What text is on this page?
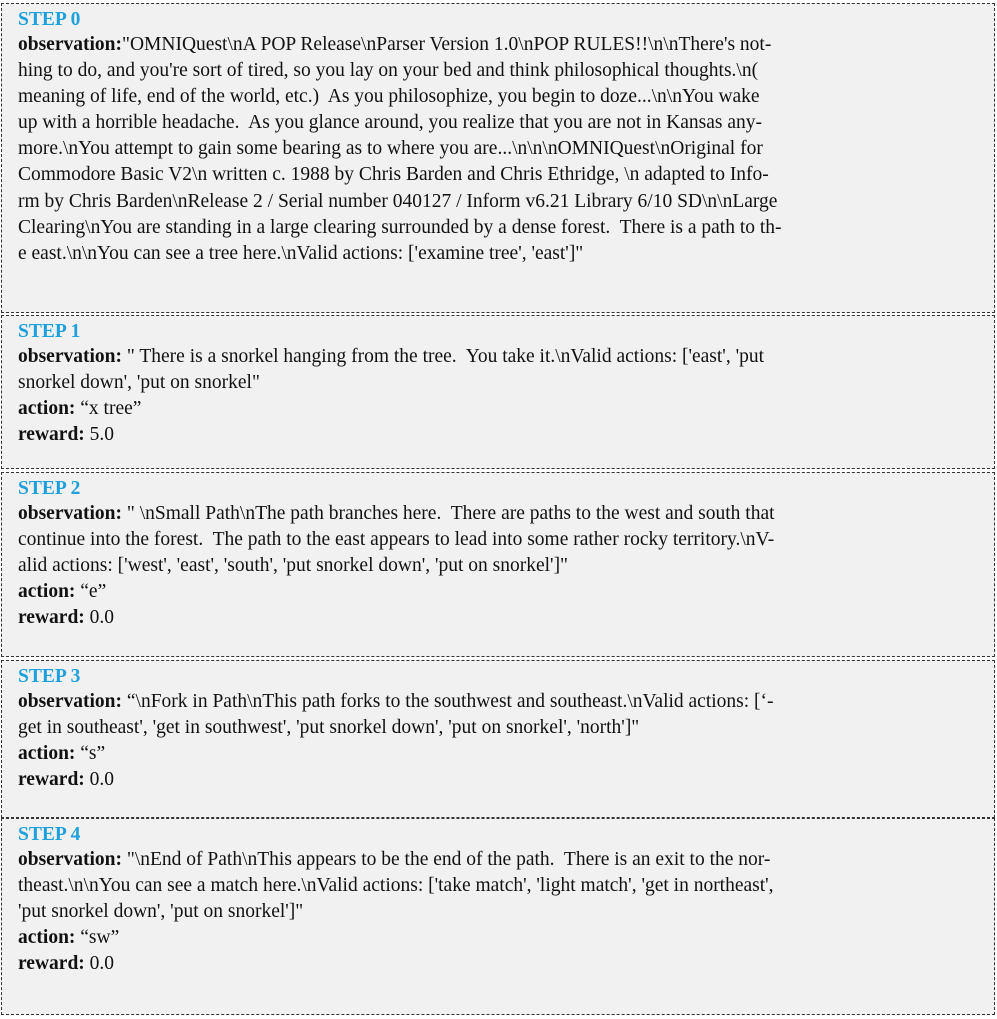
STEP 0
observation:"OMNIQuest\nA POP Release\nParser Version 1.0\nPOP RULES!!\n\nThere's not-
hing to do, and you're sort of tired, so you lay on your bed and think philosophical thoughts.\n(
meaning of life, end of the world, etc.)  As you philosophize, you begin to doze...\n\nYou wake
up with a horrible headache.  As you glance around, you realize that you are not in Kansas any-
more.\nYou attempt to gain some bearing as to where you are...\n\n\nOMNIQuest\nOriginal for
Commodore Basic V2\n written c. 1988 by Chris Barden and Chris Ethridge, \n adapted to Info-
rm by Chris Barden\nRelease 2 / Serial number 040127 / Inform v6.21 Library 6/10 SD\n\nLarge
Clearing\nYou are standing in a large clearing surrounded by a dense forest.  There is a path to th-
e east.\n\nYou can see a tree here.\nValid actions: ['examine tree', 'east']"
STEP 1
observation: " There is a snorkel hanging from the tree.  You take it.\nValid actions: ['east', 'put
snorkel down', 'put on snorkel"
action: “x tree”
reward: 5.0
STEP 2
observation: " \nSmall Path\nThe path branches here.  There are paths to the west and south that
continue into the forest.  The path to the east appears to lead into some rather rocky territory.\nV-
alid actions: ['west', 'east', 'south', 'put snorkel down', 'put on snorkel']"
action: “e”
reward: 0.0
STEP 3
observation: “\nFork in Path\nThis path forks to the southwest and southeast.\nValid actions: [‘-
get in southeast', 'get in southwest', 'put snorkel down', 'put on snorkel', 'north']"
action: “s”
reward: 0.0
STEP 4
observation: "\nEnd of Path\nThis appears to be the end of the path.  There is an exit to the nor-
theast.\n\nYou can see a match here.\nValid actions: ['take match', 'light match', 'get in northeast',
'put snorkel down', 'put on snorkel']"
action: “sw”
reward: 0.0
